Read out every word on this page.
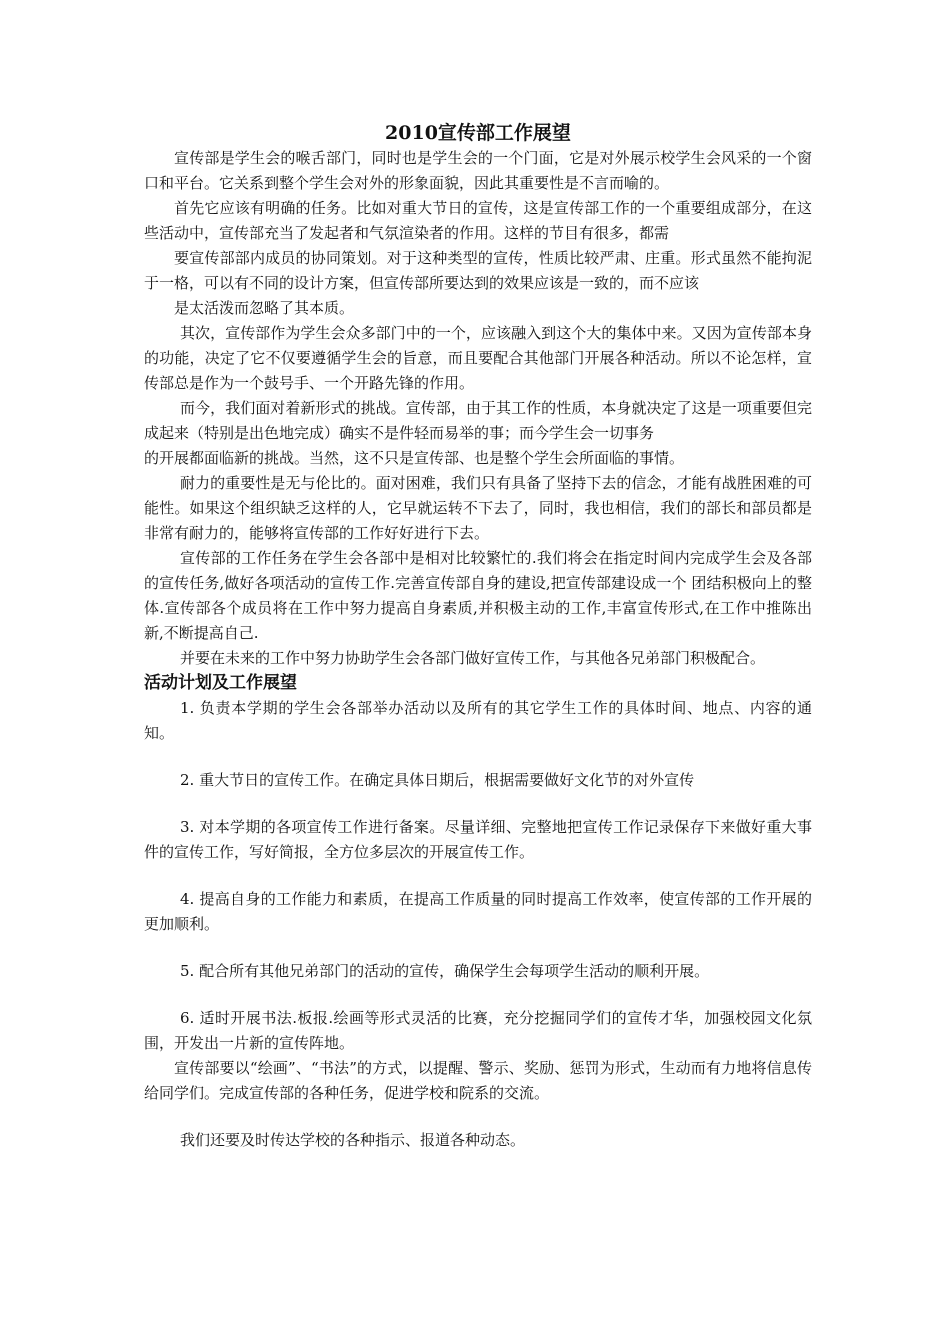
2010宣传部工作展望

宣传部是学生会的喉舌部门，同时也是学生会的一个门面，它是对外展示校学生会风采的一个窗口和平台。它关系到整个学生会对外的形象面貌，因此其重要性是不言而喻的。

首先它应该有明确的任务。比如对重大节日的宣传，这是宣传部工作的一个重要组成部分，在这些活动中，宣传部充当了发起者和气氛渲染者的作用。这样的节目有很多，都需

要宣传部部内成员的协同策划。对于这种类型的宣传，性质比较严肃、庄重。形式虽然不能拘泥于一格，可以有不同的设计方案，但宣传部所要达到的效果应该是一致的，而不应该

是太活泼而忽略了其本质。

其次，宣传部作为学生会众多部门中的一个，应该融入到这个大的集体中来。又因为宣传部本身的功能，决定了它不仅要遵循学生会的旨意，而且要配合其他部门开展各种活动。所以不论怎样，宣传部总是作为一个鼓号手、一个开路先锋的作用。

而今，我们面对着新形式的挑战。宣传部，由于其工作的性质，本身就决定了这是一项重要但完成起来（特别是出色地完成）确实不是件轻而易举的事；而今学生会一切事务

的开展都面临新的挑战。当然，这不只是宣传部、也是整个学生会所面临的事情。

耐力的重要性是无与伦比的。面对困难，我们只有具备了坚持下去的信念，才能有战胜困难的可能性。如果这个组织缺乏这样的人，它早就运转不下去了，同时，我也相信，我们的部长和部员都是非常有耐力的，能够将宣传部的工作好好进行下去。

宣传部的工作任务在学生会各部中是相对比较繁忙的.我们将会在指定时间内完成学生会及各部的宣传任务,做好各项活动的宣传工作.完善宣传部自身的建设,把宣传部建设成一个 团结积极向上的整体.宣传部各个成员将在工作中努力提高自身素质,并积极主动的工作,丰富宣传形式,在工作中推陈出新,不断提高自己.

并要在未来的工作中努力协助学生会各部门做好宣传工作，与其他各兄弟部门积极配合。

活动计划及工作展望

1. 负责本学期的学生会各部举办活动以及所有的其它学生工作的具体时间、地点、内容的通知。

2. 重大节日的宣传工作。在确定具体日期后，根据需要做好文化节的对外宣传

3. 对本学期的各项宣传工作进行备案。尽量详细、完整地把宣传工作记录保存下来做好重大事件的宣传工作，写好简报，全方位多层次的开展宣传工作。

4. 提高自身的工作能力和素质，在提高工作质量的同时提高工作效率，使宣传部的工作开展的更加顺利。

5. 配合所有其他兄弟部门的活动的宣传，确保学生会每项学生活动的顺利开展。

6. 适时开展书法.板报.绘画等形式灵活的比赛，充分挖掘同学们的宣传才华，加强校园文化氛围，开发出一片新的宣传阵地。

宣传部要以“绘画”、“书法”的方式，以提醒、警示、奖励、惩罚为形式，生动而有力地将信息传给同学们。完成宣传部的各种任务，促进学校和院系的交流。

我们还要及时传达学校的各种指示、报道各种动态。
